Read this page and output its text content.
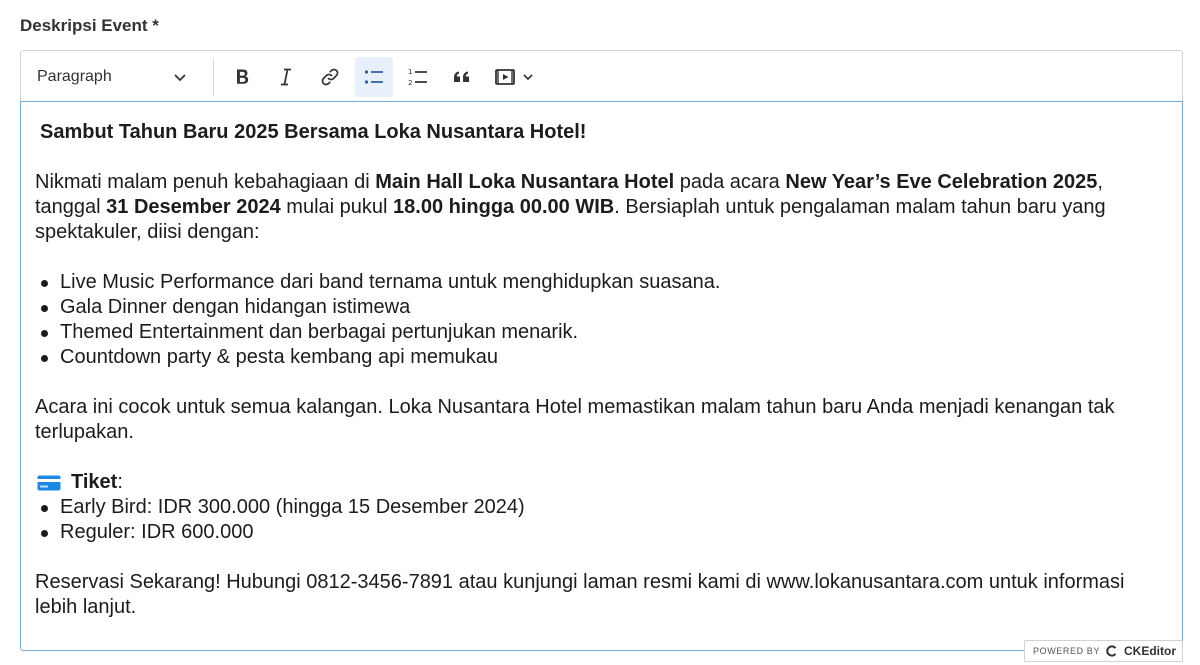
Deskripsi Event *
Paragraph	1
2

Sambut Tahun Baru 2025 Bersama Loka Nusantara Hotel!

Nikmati malam penuh kebahagiaan di Main Hall Loka Nusantara Hotel pada acara New Year’s Eve Celebration 2025, tanggal 31 Desember 2024 mulai pukul 18.00 hingga 00.00 WIB. Bersiaplah untuk pengalaman malam tahun baru yang spektakuler, diisi dengan:

Live Music Performance dari band ternama untuk menghidupkan suasana.
Gala Dinner dengan hidangan istimewa
Themed Entertainment dan berbagai pertunjukan menarik.
Countdown party & pesta kembang api memukau

Acara ini cocok untuk semua kalangan. Loka Nusantara Hotel memastikan malam tahun baru Anda menjadi kenangan tak terlupakan.

Tiket :

Early Bird: IDR 300.000 (hingga 15 Desember 2024)
Reguler: IDR 600.000

Reservasi Sekarang! Hubungi 0812-3456-7891 atau kunjungi laman resmi kami di www.lokanusantara.com untuk informasi lebih lanjut.

POWERED BY CKEditor
